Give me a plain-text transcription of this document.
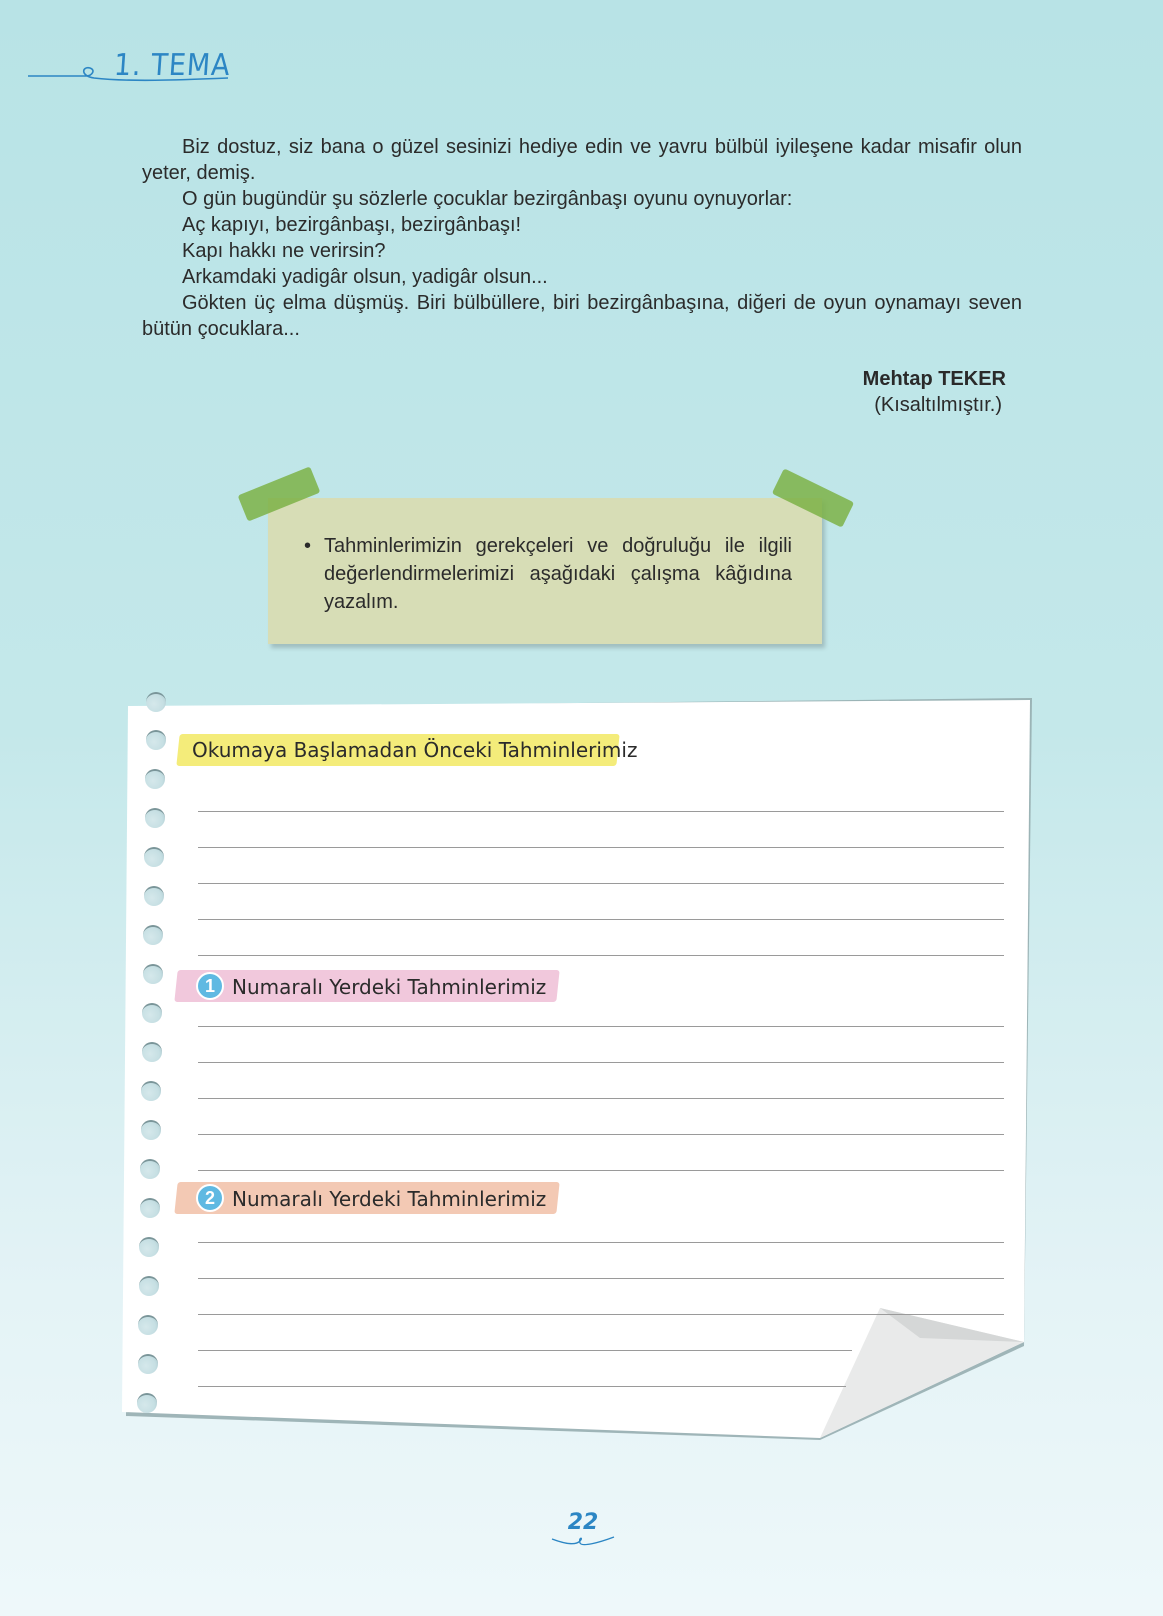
1. TEMA

Biz dostuz, siz bana o güzel sesinizi hediye edin ve yavru bülbül iyileşene kadar misafir olun yeter, demiş.

O gün bugündür şu sözlerle çocuklar bezirgânbaşı oyunu oynuyorlar:

Aç kapıyı, bezirgânbaşı, bezirgânbaşı!

Kapı hakkı ne verirsin?

Arkamdaki yadigâr olsun, yadigâr olsun...

Gökten üç elma düşmüş. Biri bülbüllere, biri bezirgânbaşına, diğeri de oyun oynamayı seven bütün çocuklara...

Mehtap TEKER
(Kısaltılmıştır.)
• Tahminlerimizin gerekçeleri ve doğruluğu ile ilgili değerlendirmelerimizi aşağıdaki çalışma kâğıdına yazalım.
Okumaya Başlamadan Önceki Tahminlerimiz
1 Numaralı Yerdeki Tahminlerimiz
2 Numaralı Yerdeki Tahminlerimiz
22
